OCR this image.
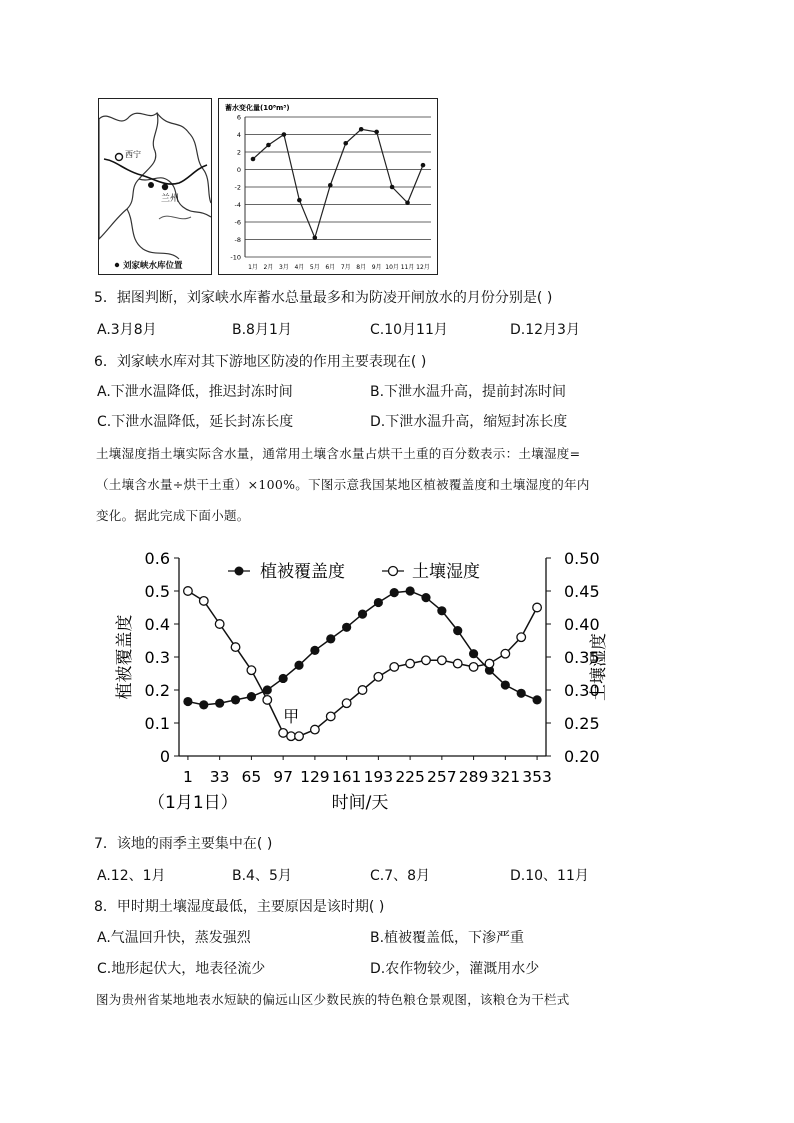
西宁
兰州
刘家峡水库位置
蓄水变化量(10⁸m³)
6
4
2
0
-2
-4
-6
-8
-10
1月 2月 3月 4月 5月 6月 7月 8月 9月 10月 11月 12月
5．据图判断，刘家峡水库蓄水总量最多和为防凌开闸放水的月份分别是( )
A.3月8月	B.8月1月	C.10月11月	D.12月3月
6．刘家峡水库对其下游地区防凌的作用主要表现在( )
A.下泄水温降低，推迟封冻时间	B.下泄水温升高，提前封冻时间
C.下泄水温降低，延长封冻长度	D.下泄水温升高，缩短封冻长度
土壤湿度指土壤实际含水量，通常用土壤含水量占烘干土重的百分数表示：土壤湿度=
（土壤含水量÷烘干土重）×100%。下图示意我国某地区植被覆盖度和土壤湿度的年内
变化。据此完成下面小题。
0
0.1
0.2
0.3
0.4
0.5
0.6
0.20
0.25
0.30
0.35
0.40
0.45
0.50
1 33 65 97 129 161 193 225 257 289 321 353
植被覆盖度	土壤湿度
时间/天
（1月1日）
植被覆盖度	土壤湿度
甲
7．该地的雨季主要集中在( )
A.12、1月	B.4、5月	C.7、8月	D.10、11月
8．甲时期土壤湿度最低，主要原因是该时期( )
A.气温回升快，蒸发强烈	B.植被覆盖低，下渗严重
C.地形起伏大，地表径流少	D.农作物较少，灌溉用水少
图为贵州省某地地表水短缺的偏远山区少数民族的特色粮仓景观图，该粮仓为干栏式
